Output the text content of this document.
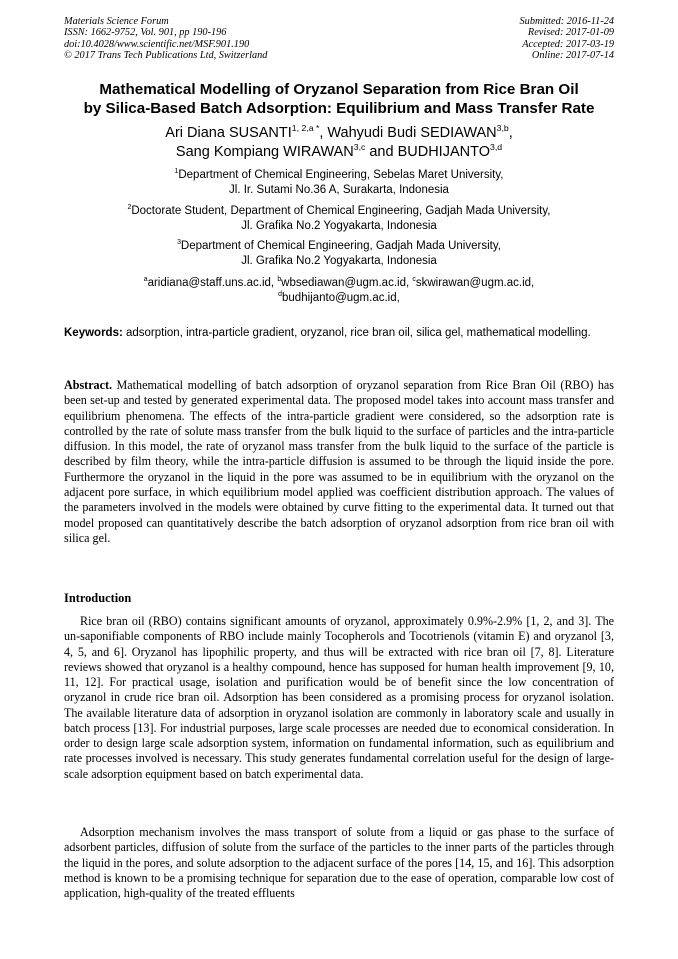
Materials Science Forum
ISSN: 1662-9752, Vol. 901, pp 190-196
doi:10.4028/www.scientific.net/MSF.901.190
© 2017 Trans Tech Publications Ltd, Switzerland
Submitted: 2016-11-24
Revised: 2017-01-09
Accepted: 2017-03-19
Online: 2017-07-14
Mathematical Modelling of Oryzanol Separation from Rice Bran Oil
by Silica-Based Batch Adsorption: Equilibrium and Mass Transfer Rate
Ari Diana $SUSANTI^{1, 2,a *}$, Wahyudi Budi SEDIAWAN$^{3,b}$,
Sang Kompiang WIRAWAN$^{3,c}$ and BUDHIJANTO$^{3,d}$
$^1$Department of Chemical Engineering, Sebelas Maret University,
Jl. Ir. Sutami No.36 A, Surakarta, Indonesia
$^2$Doctorate Student, Department of Chemical Engineering, Gadjah Mada University,
Jl. Grafika No.2 Yogyakarta, Indonesia
$^3$Department of Chemical Engineering, Gadjah Mada University,
Jl. Grafika No.2 Yogyakarta, Indonesia
$^a$aridiana@staff.uns.ac.id, $^b$wbsediawan@ugm.ac.id, $^c$skwirawan@ugm.ac.id,
$^d$budhijanto@ugm.ac.id,
Keywords: adsorption, intra-particle gradient, oryzanol, rice bran oil, silica gel, mathematical modelling.
Abstract. Mathematical modelling of batch adsorption of oryzanol separation from Rice Bran Oil (RBO) has been set-up and tested by generated experimental data. The proposed model takes into account mass transfer and equilibrium phenomena. The effects of the intra-particle gradient were considered, so the adsorption rate is controlled by the rate of solute mass transfer from the bulk liquid to the surface of particles and the intra-particle diffusion. In this model, the rate of oryzanol mass transfer from the bulk liquid to the surface of the particle is described by film theory, while the intra-particle diffusion is assumed to be through the liquid inside the pore. Furthermore the oryzanol in the liquid in the pore was assumed to be in equilibrium with the oryzanol on the adjacent pore surface, in which equilibrium model applied was coefficient distribution approach. The values of the parameters involved in the models were obtained by curve fitting to the experimental data. It turned out that model proposed can quantitatively describe the batch adsorption of oryzanol adsorption from rice bran oil with silica gel.
Introduction
Rice bran oil (RBO) contains significant amounts of oryzanol, approximately 0.9%-2.9% [1, 2, and 3]. The un-saponifiable components of RBO include mainly Tocopherols and Tocotrienols (vitamin E) and oryzanol [3, 4, 5, and 6]. Oryzanol has lipophilic property, and thus will be extracted with rice bran oil [7, 8]. Literature reviews showed that oryzanol is a healthy compound, hence has supposed for human health improvement [9, 10, 11, 12]. For practical usage, isolation and purification would be of benefit since the low concentration of oryzanol in crude rice bran oil. Adsorption has been considered as a promising process for oryzanol isolation. The available literature data of adsorption in oryzanol isolation are commonly in laboratory scale and usually in batch process [13]. For industrial purposes, large scale processes are needed due to economical consideration. In order to design large scale adsorption system, information on fundamental information, such as equilibrium and rate processes involved is necessary. This study generates fundamental correlation useful for the design of large-scale adsorption equipment based on batch experimental data.
Adsorption mechanism involves the mass transport of solute from a liquid or gas phase to the surface of adsorbent particles, diffusion of solute from the surface of the particles to the inner parts of the particles through the liquid in the pores, and solute adsorption to the adjacent surface of the pores [14, 15, and 16]. This adsorption method is known to be a promising technique for separation due to the ease of operation, comparable low cost of application, high-quality of the treated effluents
